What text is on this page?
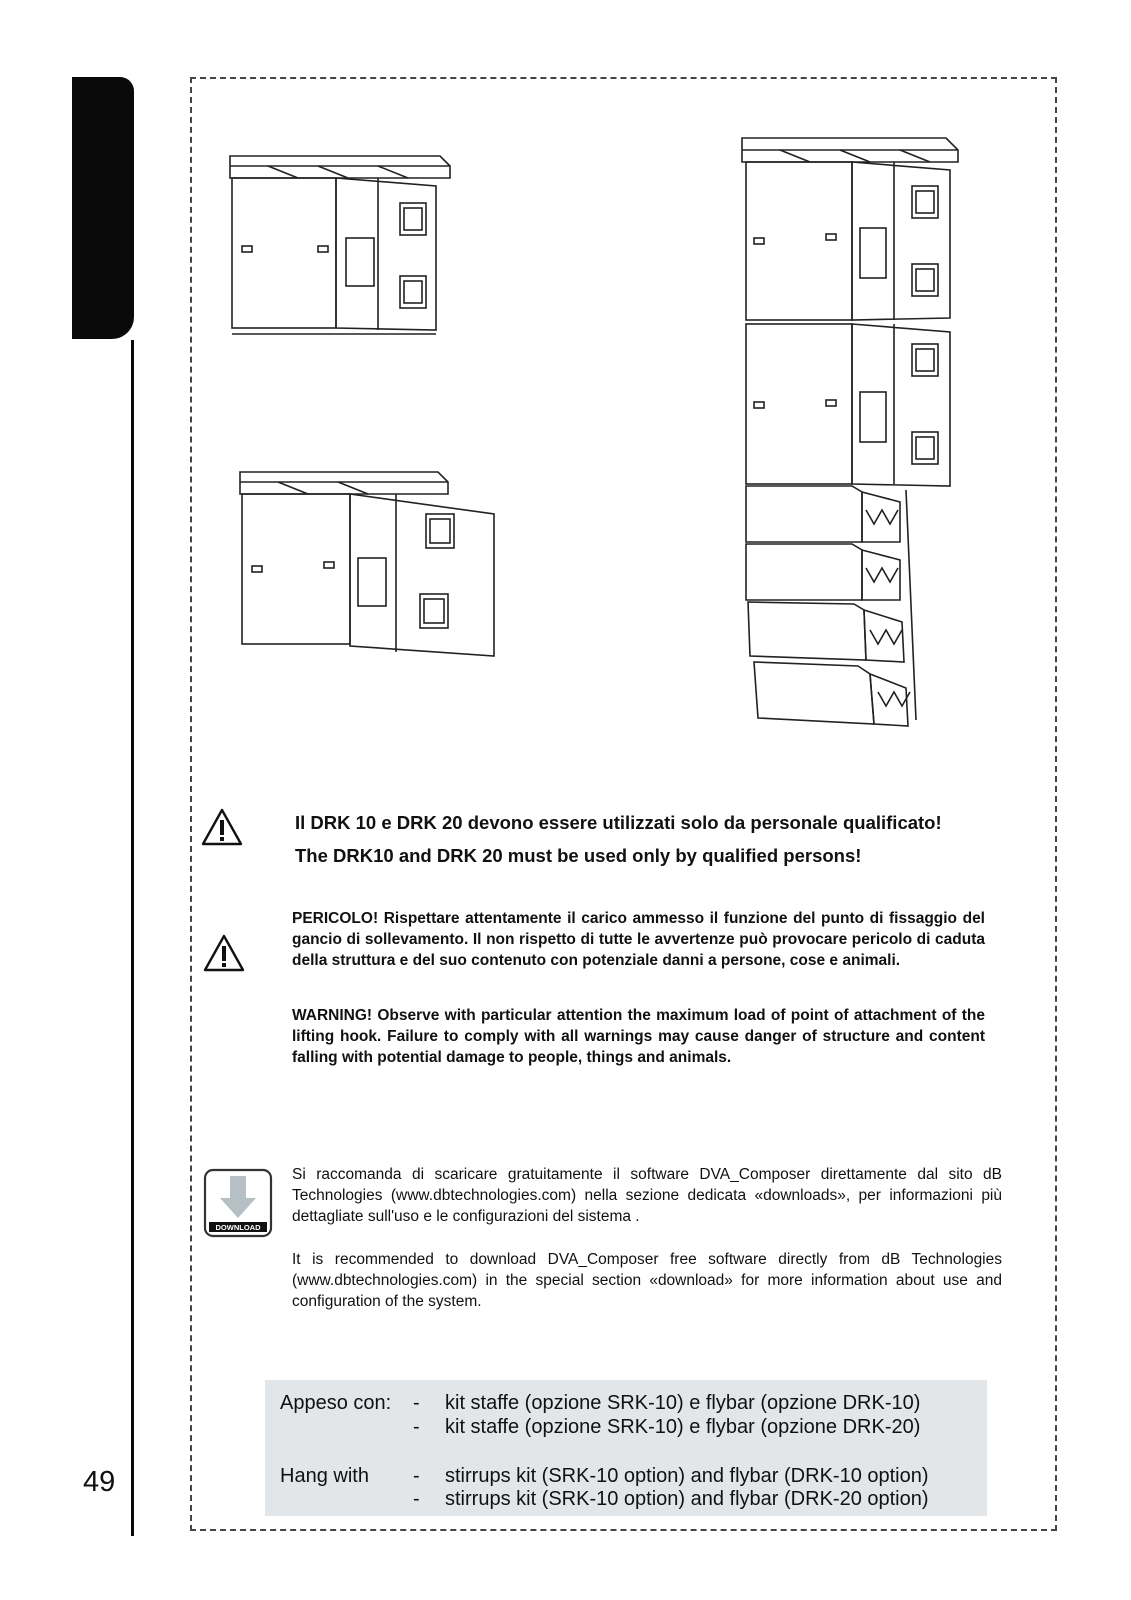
49
Il DRK 10 e DRK 20 devono essere utilizzati solo da personale qualificato!
The DRK10 and DRK 20 must be used only by qualified persons!
PERICOLO! Rispettare attentamente il carico ammesso il funzione del punto di fissaggio del gancio di sollevamento. Il non rispetto di tutte le avvertenze può provocare pericolo di caduta della struttura e del suo contenuto con potenziale danni a persone, cose e animali.
WARNING! Observe with particular attention the maximum load of point of attachment of the lifting hook. Failure to comply with all warnings may cause danger of structure and content falling with potential damage to people, things and animals.
DOWNLOAD
Si raccomanda di scaricare gratuitamente il software DVA_Composer direttamente dal sito dB Technologies (www.dbtechnologies.com) nella sezione dedicata «downloads», per informazioni più dettagliate sull'uso e le configurazioni del sistema .
It is recommended to download DVA_Composer free software directly from dB Technologies (www.dbtechnologies.com) in the special section «download» for more information about use and configuration of the system.
Appeso con: - kit staffe (opzione SRK-10) e flybar (opzione DRK-10)
- kit staffe (opzione SRK-10) e flybar (opzione DRK-20)
Hang with - stirrups kit (SRK-10 option) and flybar (DRK-10 option)
- stirrups kit (SRK-10 option) and flybar (DRK-20 option)
